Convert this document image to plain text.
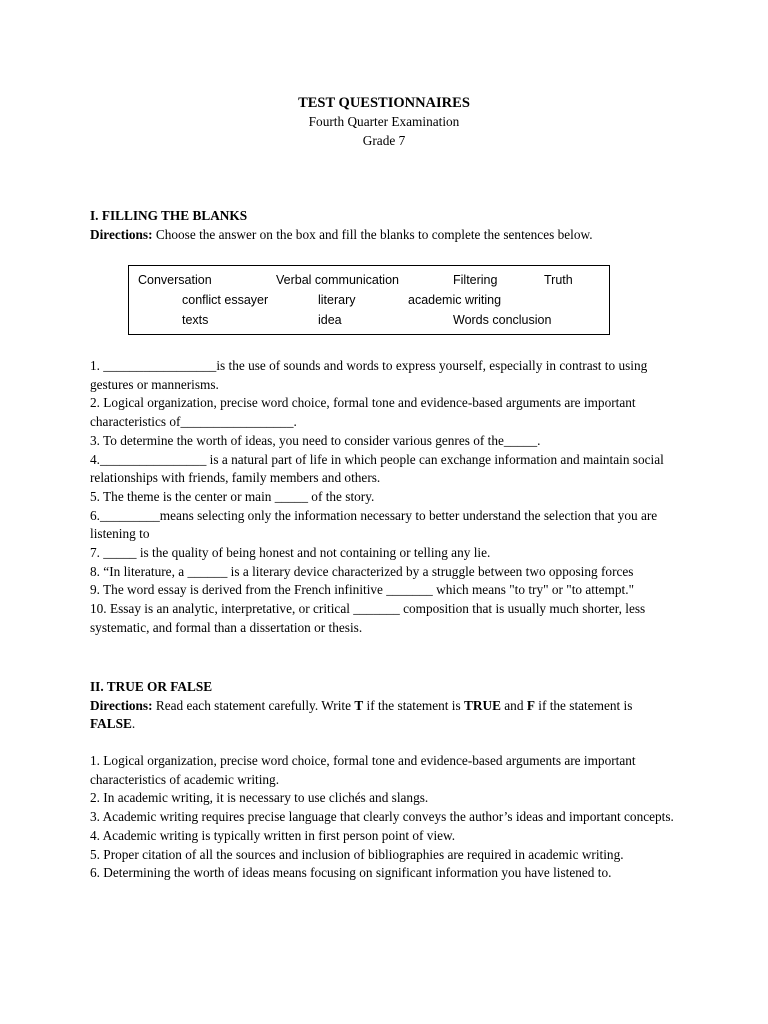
TEST QUESTIONNAIRES
Fourth Quarter Examination
Grade 7
I. FILLING THE BLANKS
Directions: Choose the answer on the box and fill the blanks to complete the sentences below.
Conversation	Verbal communication	Filtering	Truth
conflict essayer	literary	academic writing
texts	idea	Words conclusion

1. _________________is the use of sounds and words to express yourself, especially in contrast to using gestures or mannerisms.

2. Logical organization, precise word choice, formal tone and evidence-based arguments are important characteristics of_________________.

3. To determine the worth of ideas, you need to consider various genres of the_____.

4.________________ is a natural part of life in which people can exchange information and maintain social relationships with friends, family members and others.

5. The theme is the center or main _____ of the story.

6._________means selecting only the information necessary to better understand the selection that you are listening to

7. _____ is the quality of being honest and not containing or telling any lie.

8. “In literature, a ______ is a literary device characterized by a struggle between two opposing forces

9. The word essay is derived from the French infinitive _______ which means "to try" or "to attempt."

10. Essay is an analytic, interpretative, or critical _______ composition that is usually much shorter, less systematic, and formal than a dissertation or thesis.

II. TRUE OR FALSE
Directions: Read each statement carefully. Write T if the statement is TRUE and F if the statement is FALSE.

1. Logical organization, precise word choice, formal tone and evidence-based arguments are important characteristics of academic writing.

2. In academic writing, it is necessary to use clichés and slangs.

3. Academic writing requires precise language that clearly conveys the author’s ideas and important concepts.

4. Academic writing is typically written in first person point of view.

5. Proper citation of all the sources and inclusion of bibliographies are required in academic writing.

6. Determining the worth of ideas means focusing on significant information you have listened to.
